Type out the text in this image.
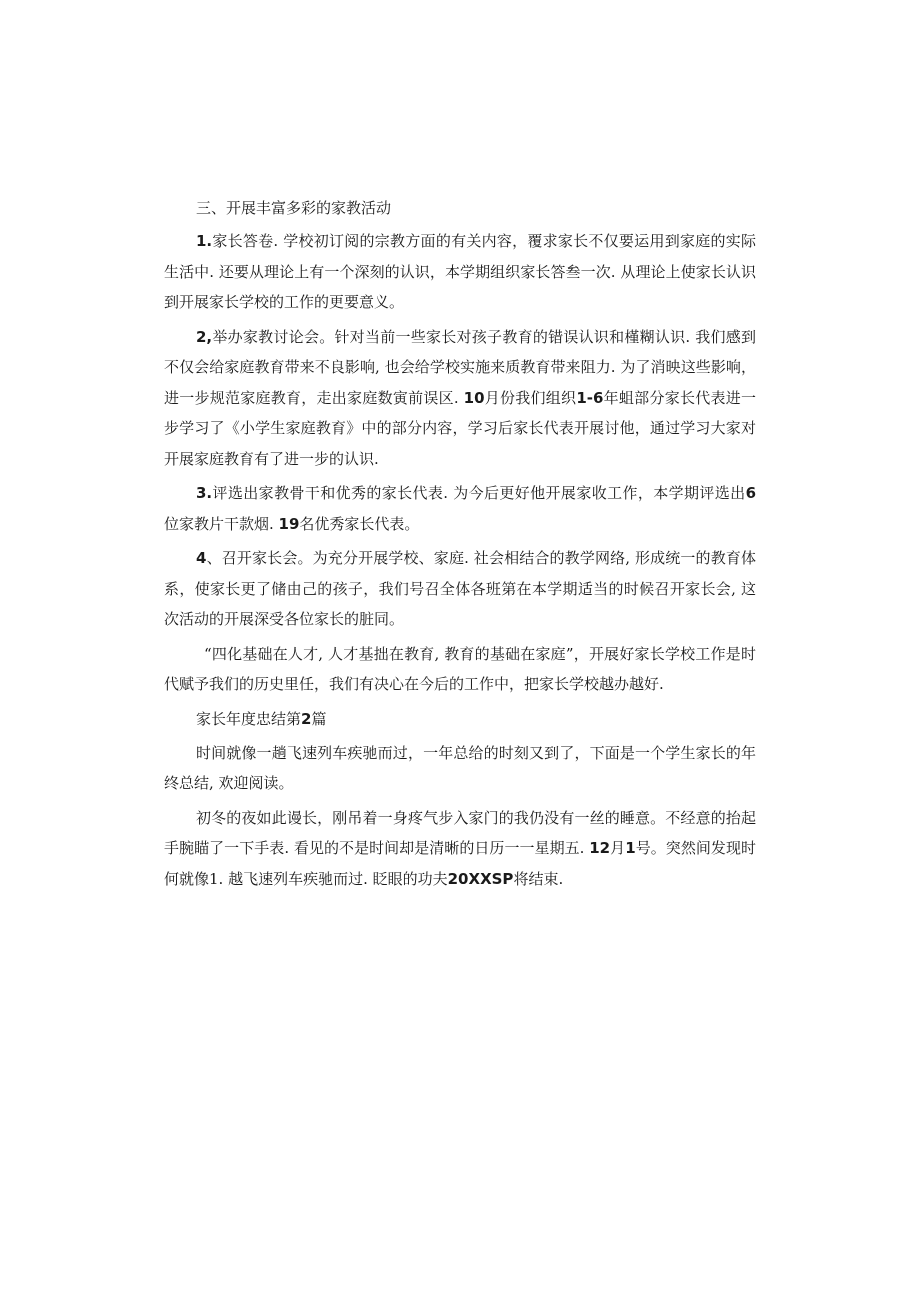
三、开展丰富多彩的家教活动

1.家长答卷. 学校初订阅的宗教方面的有关内容，覆求家长不仅要运用到家庭的实际生活中. 还要从理论上有一个深刻的认识，本学期组织家长答叁一次. 从理论上使家长认识到开展家长学校的工作的更要意义。

2,举办家教讨论会。针对当前一些家长对孩子教育的错误认识和槿糊认识. 我们感到不仅会给家庭教育带来不良影响, 也会给学校实施来质教育带来阻力. 为了消映这些影响，进一步规范家庭教育，走出家庭数寅前误区. 10月份我们组织1-6年蛆部分家长代表进一步学习了《小学生家庭教育》中的部分内容，学习后家长代表开展讨他，通过学习大家对开展家庭教育有了进一步的认识.

3.评选出家教骨干和优秀的家长代表. 为今后更好他开展家收工作，本学期评选出6位家教片干款烟. 19名优秀家长代表。

4、召开家长会。为充分开展学校、家庭. 社会相结合的教学网络, 形成统一的教育体系，使家长更了储由己的孩子，我们号召全体各班第在本学期适当的时候召开家长会, 这次活动的开展深受各位家长的脏同。

“四化基础在人才, 人才基拙在教育, 教育的基础在家庭”，开展好家长学校工作是时代赋予我们的历史里任，我们有决心在今后的工作中，把家长学校越办越好.

家长年度忠结第2篇

时间就像一趟飞速列车疾驰而过，一年总给的时刻又到了，下面是一个学生家长的年终总结, 欢迎阅读。

初冬的夜如此谩长，刚吊着一身疼气步入家门的我仍没有一丝的睡意。不经意的抬起手腕瞄了一下手表. 看见的不是时间却是清晰的日历一一星期五. 12月1号。突然间发现时何就像1. 越飞速列车疾驰而过. 眨眼的功夫20XXSP将结束.
